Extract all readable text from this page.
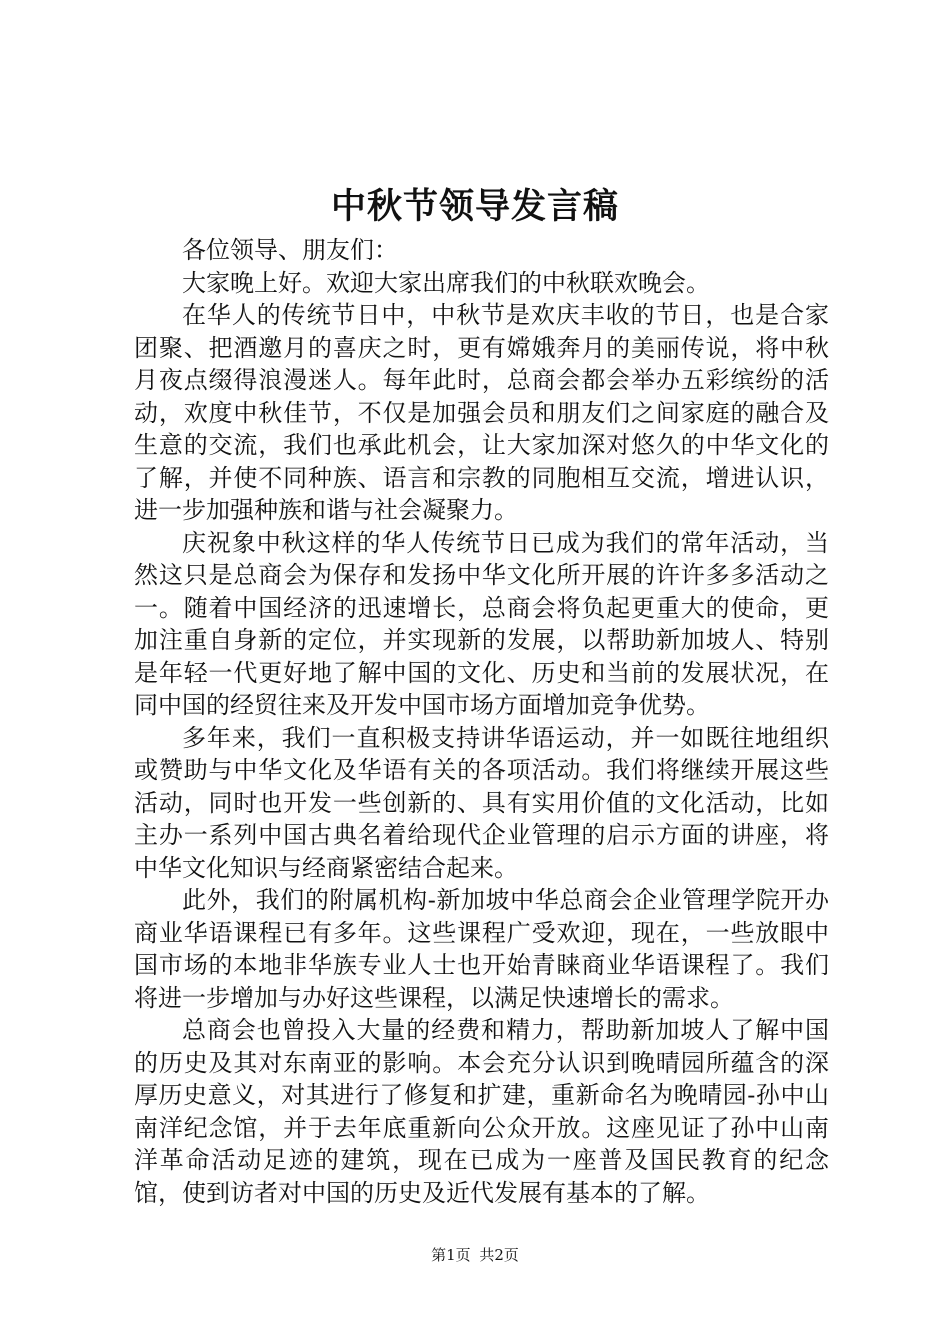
中秋节领导发言稿

各位领导、朋友们：

大家晚上好。欢迎大家出席我们的中秋联欢晚会。

在华人的传统节日中，中秋节是欢庆丰收的节日，也是合家团聚、把酒邀月的喜庆之时，更有嫦娥奔月的美丽传说，将中秋月夜点缀得浪漫迷人。每年此时，总商会都会举办五彩缤纷的活动，欢度中秋佳节，不仅是加强会员和朋友们之间家庭的融合及生意的交流，我们也承此机会，让大家加深对悠久的中华文化的了解，并使不同种族、语言和宗教的同胞相互交流，增进认识，进一步加强种族和谐与社会凝聚力。

庆祝象中秋这样的华人传统节日已成为我们的常年活动，当然这只是总商会为保存和发扬中华文化所开展的许许多多活动之一。随着中国经济的迅速增长，总商会将负起更重大的使命，更加注重自身新的定位，并实现新的发展，以帮助新加坡人、特别是年轻一代更好地了解中国的文化、历史和当前的发展状况，在同中国的经贸往来及开发中国市场方面增加竞争优势。

多年来，我们一直积极支持讲华语运动，并一如既往地组织或赞助与中华文化及华语有关的各项活动。我们将继续开展这些活动，同时也开发一些创新的、具有实用价值的文化活动，比如主办一系列中国古典名着给现代企业管理的启示方面的讲座，将中华文化知识与经商紧密结合起来。

此外，我们的附属机构-新加坡中华总商会企业管理学院开办商业华语课程已有多年。这些课程广受欢迎，现在，一些放眼中国市场的本地非华族专业人士也开始青睐商业华语课程了。我们将进一步增加与办好这些课程，以满足快速增长的需求。

总商会也曾投入大量的经费和精力，帮助新加坡人了解中国的历史及其对东南亚的影响。本会充分认识到晚晴园所蕴含的深厚历史意义，对其进行了修复和扩建，重新命名为晚晴园-孙中山南洋纪念馆，并于去年底重新向公众开放。这座见证了孙中山南洋革命活动足迹的建筑，现在已成为一座普及国民教育的纪念馆，使到访者对中国的历史及近代发展有基本的了解。

第1页 共2页
